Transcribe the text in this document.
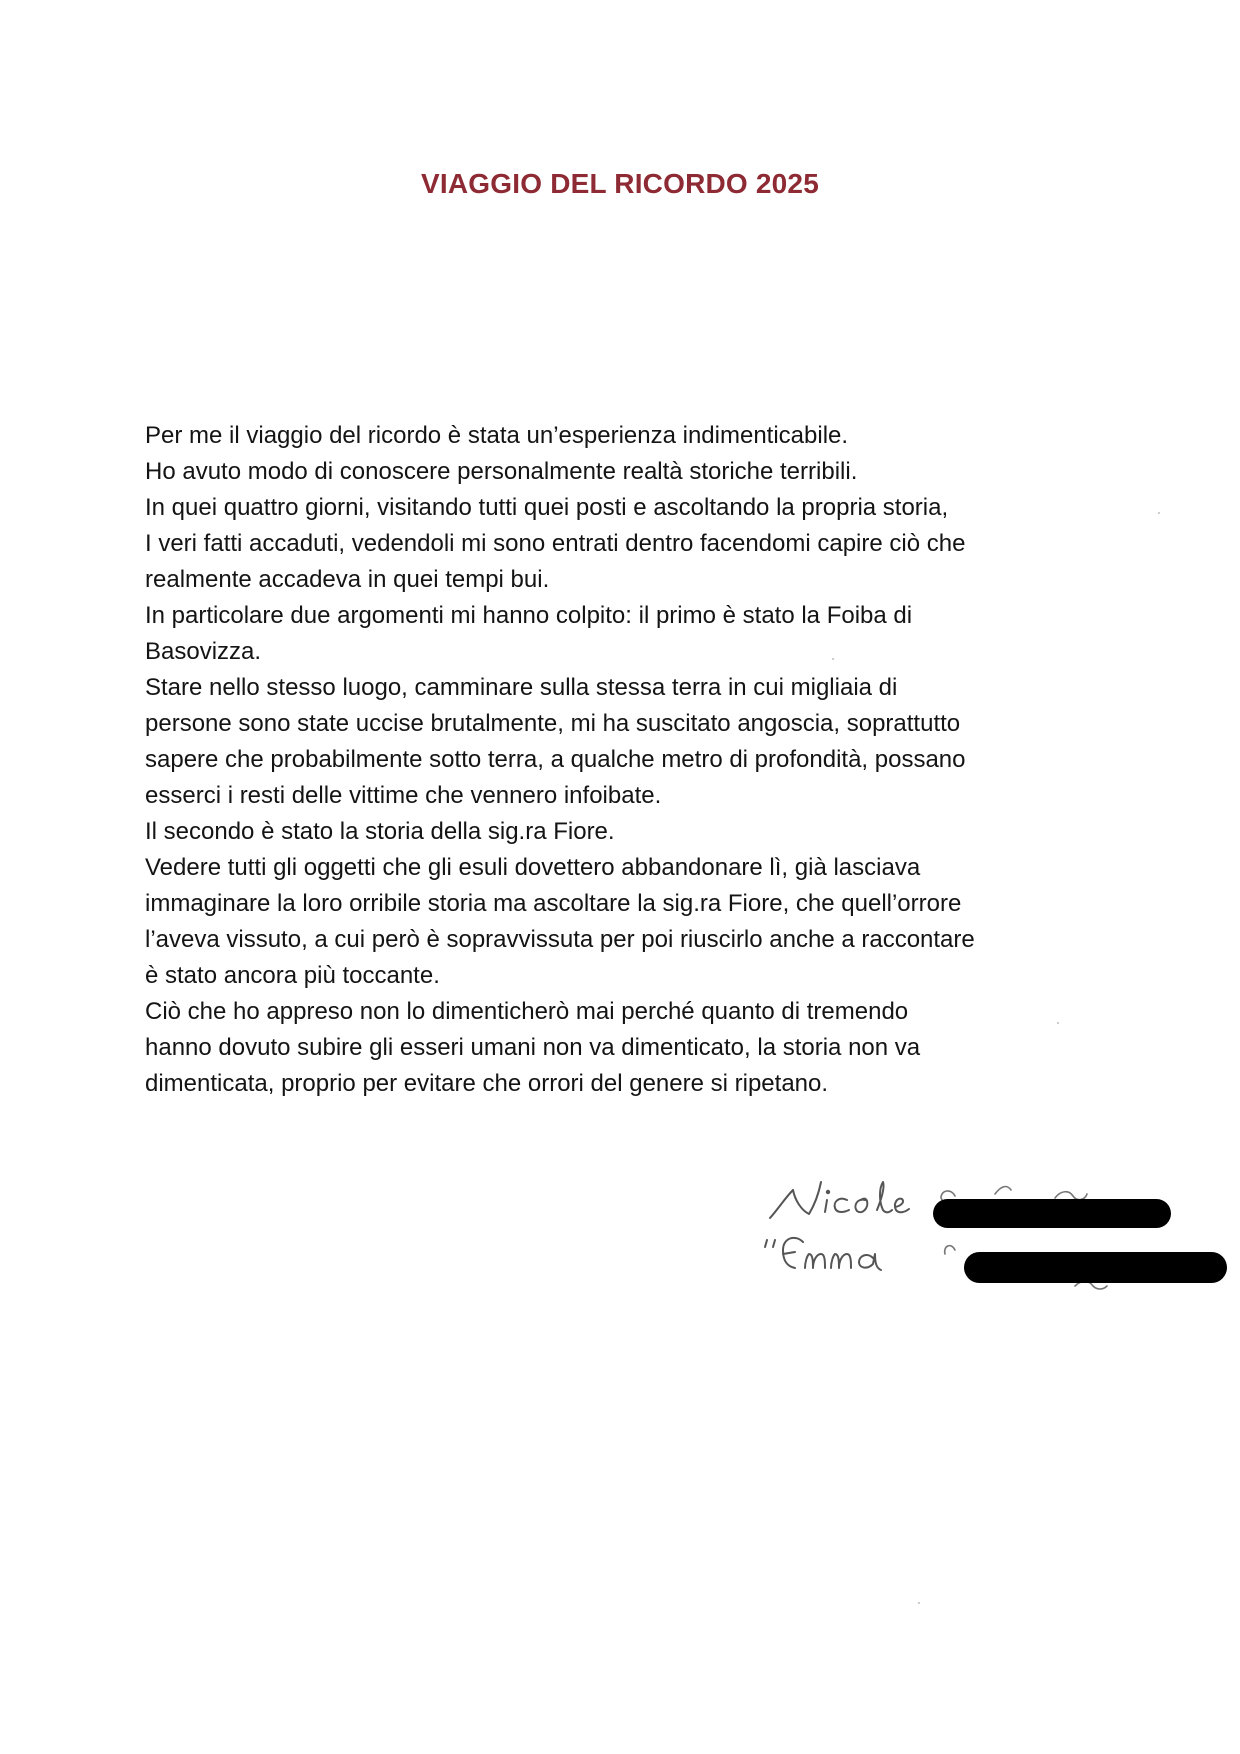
VIAGGIO DEL RICORDO 2025
Per me il viaggio del ricordo è stata un’esperienza indimenticabile.
Ho avuto modo di conoscere personalmente realtà storiche terribili.
In quei quattro giorni, visitando tutti quei posti e ascoltando la propria storia,
I veri fatti accaduti, vedendoli mi sono entrati dentro facendomi capire ciò che
realmente accadeva in quei tempi bui.
In particolare due argomenti mi hanno colpito: il primo è stato la Foiba di
Basovizza.
Stare nello stesso luogo, camminare sulla stessa terra in cui migliaia di
persone sono state uccise brutalmente, mi ha suscitato angoscia, soprattutto
sapere che probabilmente sotto terra, a qualche metro di profondità, possano
esserci i resti delle vittime che vennero infoibate.
Il secondo è stato la storia della sig.ra Fiore.
Vedere tutti gli oggetti che gli esuli dovettero abbandonare lì, già lasciava
immaginare la loro orribile storia ma ascoltare la sig.ra Fiore, che quell’orrore
l’aveva vissuto, a cui però è sopravvissuta per poi riuscirlo anche a raccontare
è stato ancora più toccante.
Ciò che ho appreso non lo dimenticherò mai perché quanto di tremendo
hanno dovuto subire gli esseri umani non va dimenticato, la storia non va
dimenticata, proprio per evitare che orrori del genere si ripetano.
